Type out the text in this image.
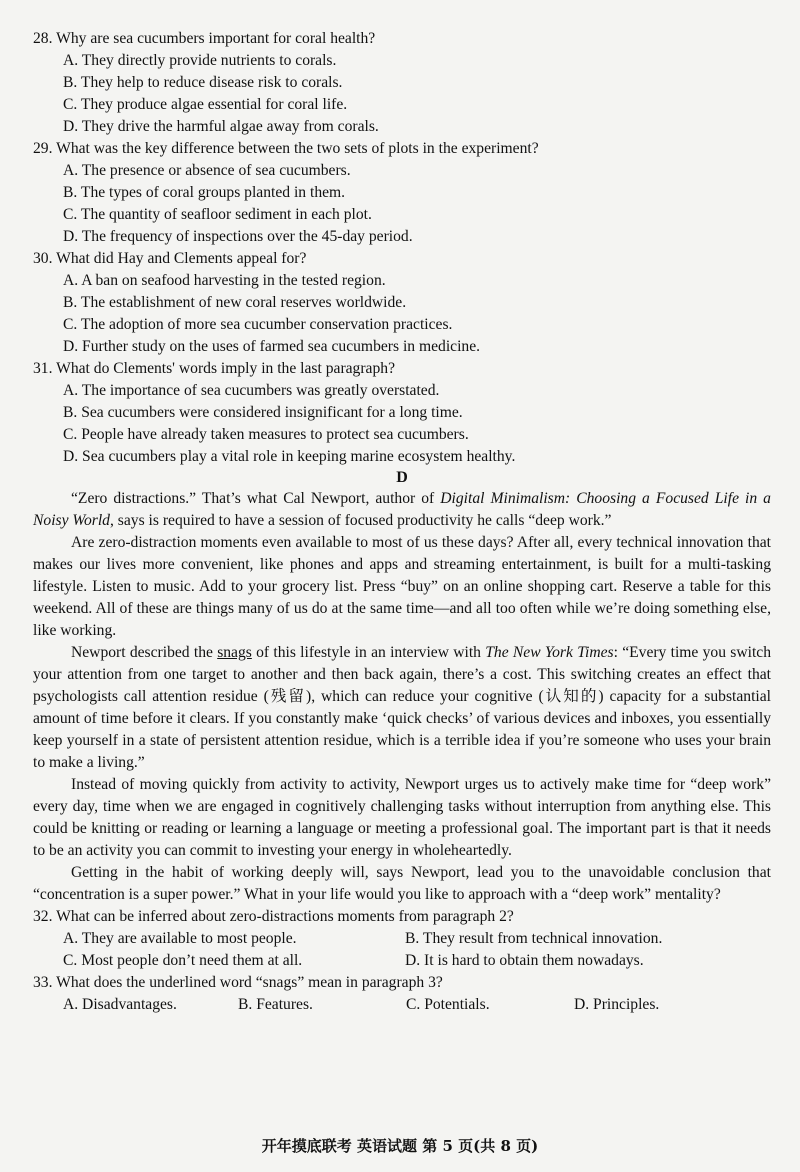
28. Why are sea cucumbers important for coral health?
A. They directly provide nutrients to corals.
B. They help to reduce disease risk to corals.
C. They produce algae essential for coral life.
D. They drive the harmful algae away from corals.
29. What was the key difference between the two sets of plots in the experiment?
A. The presence or absence of sea cucumbers.
B. The types of coral groups planted in them.
C. The quantity of seafloor sediment in each plot.
D. The frequency of inspections over the 45-day period.
30. What did Hay and Clements appeal for?
A. A ban on seafood harvesting in the tested region.
B. The establishment of new coral reserves worldwide.
C. The adoption of more sea cucumber conservation practices.
D. Further study on the uses of farmed sea cucumbers in medicine.
31. What do Clements' words imply in the last paragraph?
A. The importance of sea cucumbers was greatly overstated.
B. Sea cucumbers were considered insignificant for a long time.
C. People have already taken measures to protect sea cucumbers.
D. Sea cucumbers play a vital role in keeping marine ecosystem healthy.
D

“Zero distractions.” That’s what Cal Newport, author of Digital Minimalism: Choosing a Focused Life in a Noisy World, says is required to have a session of focused productivity he calls “deep work.”

Are zero-distraction moments even available to most of us these days? After all, every technical innovation that makes our lives more convenient, like phones and apps and streaming entertainment, is built for a multi-tasking lifestyle. Listen to music. Add to your grocery list. Press “buy” on an online shopping cart. Reserve a table for this weekend. All of these are things many of us do at the same time—and all too often while we’re doing something else, like working.

Newport described the snags of this lifestyle in an interview with The New York Times: “Every time you switch your attention from one target to another and then back again, there’s a cost. This switching creates an effect that psychologists call attention residue (残留), which can reduce your cognitive (认知的) capacity for a substantial amount of time before it clears. If you constantly make ‘quick checks’ of various devices and inboxes, you essentially keep yourself in a state of persistent attention residue, which is a terrible idea if you’re someone who uses your brain to make a living.”

Instead of moving quickly from activity to activity, Newport urges us to actively make time for “deep work” every day, time when we are engaged in cognitively challenging tasks without interruption from anything else. This could be knitting or reading or learning a language or meeting a professional goal. The important part is that it needs to be an activity you can commit to investing your energy in wholeheartedly.

Getting in the habit of working deeply will, says Newport, lead you to the unavoidable conclusion that “concentration is a super power.” What in your life would you like to approach with a “deep work” mentality?

32. What can be inferred about zero-distractions moments from paragraph 2?
A. They are available to most people.	B. They result from technical innovation.
C. Most people don’t need them at all.	D. It is hard to obtain them nowadays.
33. What does the underlined word “snags” mean in paragraph 3?
A. Disadvantages.	B. Features.	C. Potentials.	D. Principles.
开年摸底联考 英语试题 第 5 页(共 8 页)
